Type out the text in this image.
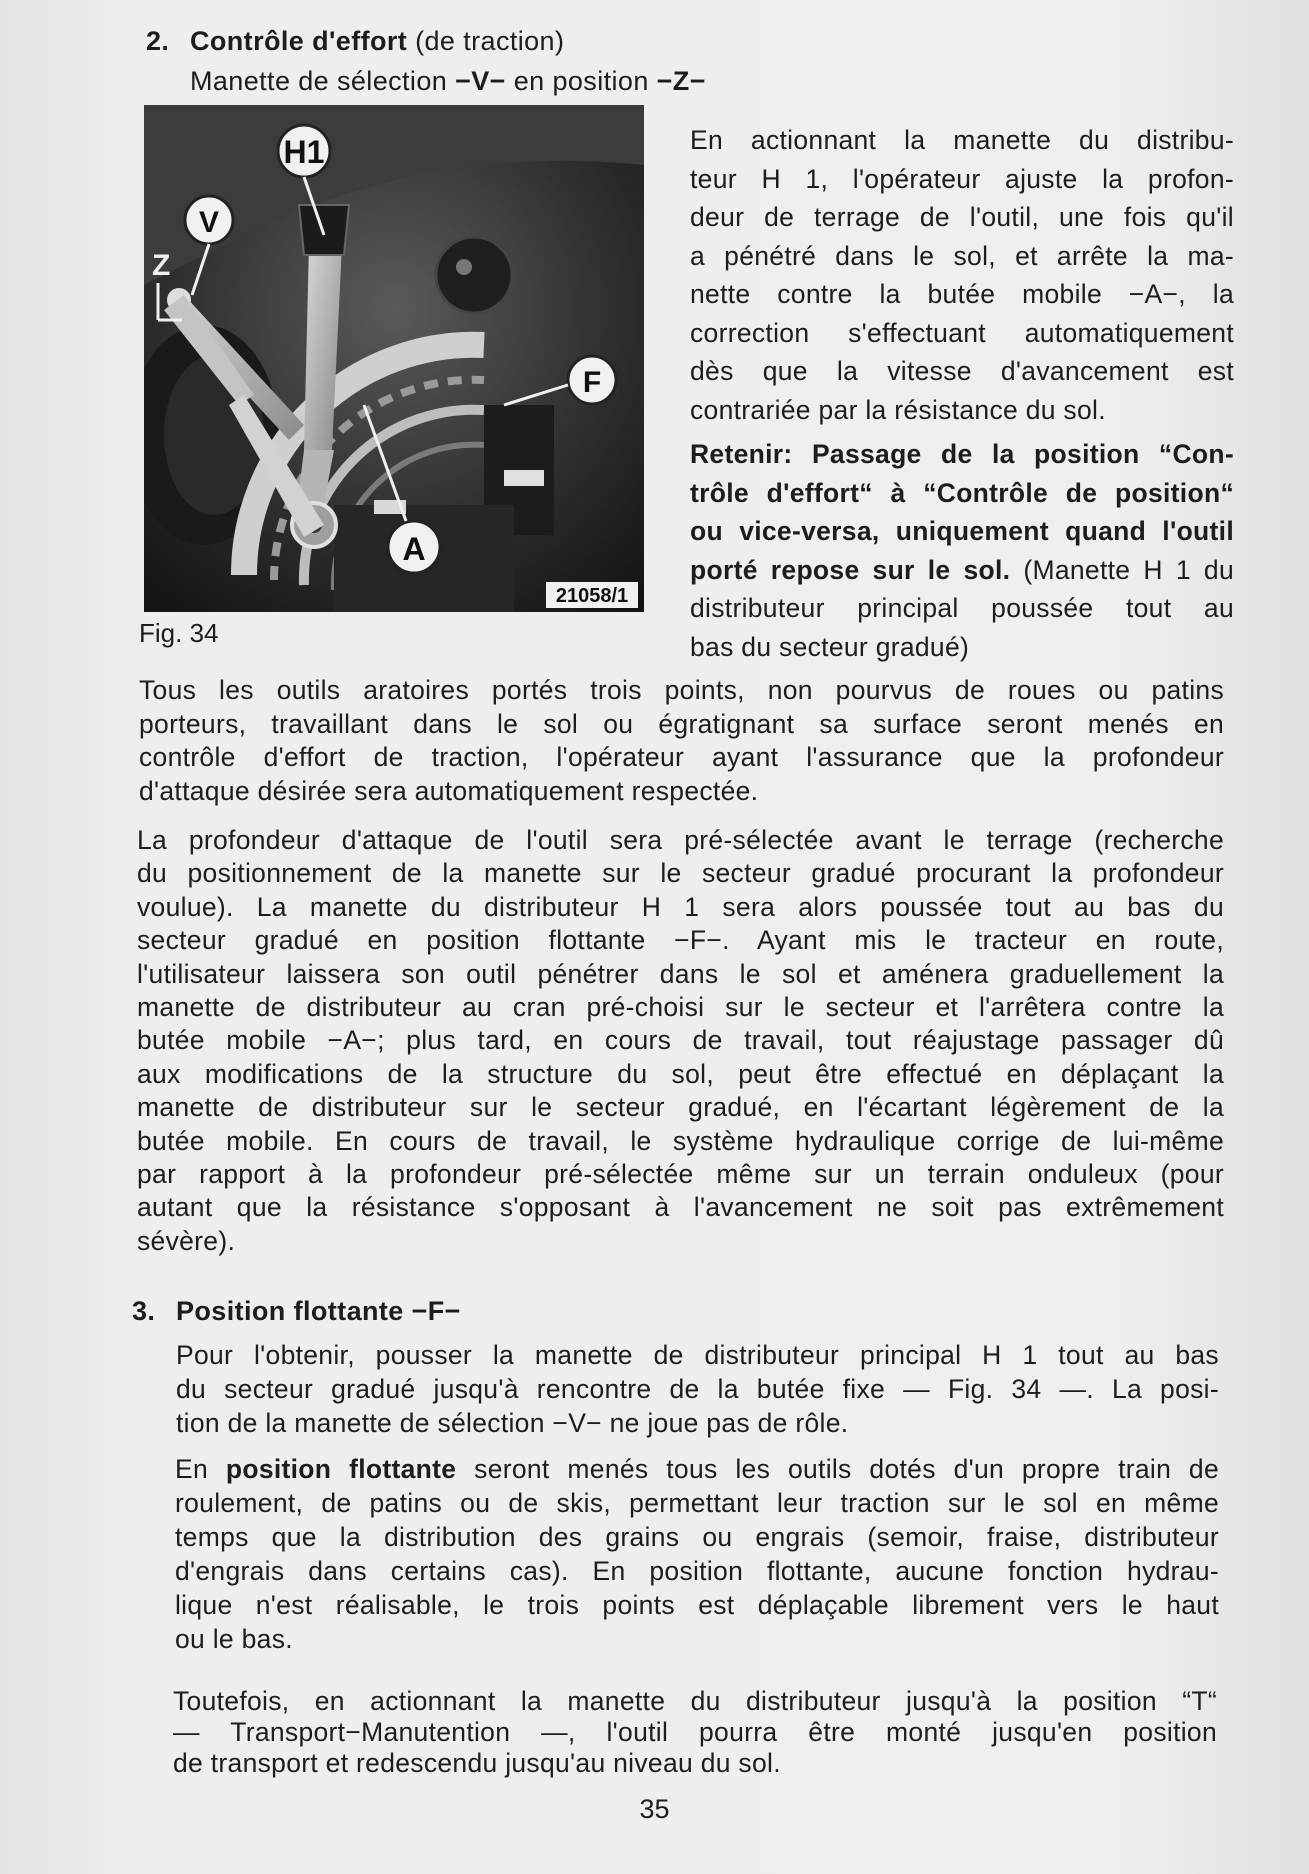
2. Contrôle d'effort (de traction)
Manette de sélection −V− en position −Z−
H1
V
Z
F
A
21058/1
Fig. 34
En actionnant la manette du distribu-
teur H 1, l'opérateur ajuste la profon-
deur de terrage de l'outil, une fois qu'il
a pénétré dans le sol, et arrête la ma-
nette contre la butée mobile −A−, la
correction s'effectuant automatiquement
dès que la vitesse d'avancement est
contrariée par la résistance du sol.
Retenir: Passage de la position “Con-
trôle d'effort“ à “Contrôle de position“
ou vice-versa, uniquement quand l'outil
porté repose sur le sol. (Manette H 1 du
distributeur principal poussée tout au
bas du secteur gradué)
Tous les outils aratoires portés trois points, non pourvus de roues ou patins
porteurs, travaillant dans le sol ou égratignant sa surface seront menés en
contrôle d'effort de traction, l'opérateur ayant l'assurance que la profondeur
d'attaque désirée sera automatiquement respectée.
La profondeur d'attaque de l'outil sera pré-sélectée avant le terrage (recherche
du positionnement de la manette sur le secteur gradué procurant la profondeur
voulue). La manette du distributeur H 1 sera alors poussée tout au bas du
secteur gradué en position flottante −F−. Ayant mis le tracteur en route,
l'utilisateur laissera son outil pénétrer dans le sol et aménera graduellement la
manette de distributeur au cran pré-choisi sur le secteur et l'arrêtera contre la
butée mobile −A−; plus tard, en cours de travail, tout réajustage passager dû
aux modifications de la structure du sol, peut être effectué en déplaçant la
manette de distributeur sur le secteur gradué, en l'écartant légèrement de la
butée mobile. En cours de travail, le système hydraulique corrige de lui-même
par rapport à la profondeur pré-sélectée même sur un terrain onduleux (pour
autant que la résistance s'opposant à l'avancement ne soit pas extrêmement
sévère).
3. Position flottante −F−
Pour l'obtenir, pousser la manette de distributeur principal H 1 tout au bas
du secteur gradué jusqu'à rencontre de la butée fixe — Fig. 34 —. La posi-
tion de la manette de sélection −V− ne joue pas de rôle.
En position flottante seront menés tous les outils dotés d'un propre train de
roulement, de patins ou de skis, permettant leur traction sur le sol en même
temps que la distribution des grains ou engrais (semoir, fraise, distributeur
d'engrais dans certains cas). En position flottante, aucune fonction hydrau-
lique n'est réalisable, le trois points est déplaçable librement vers le haut
ou le bas.
Toutefois, en actionnant la manette du distributeur jusqu'à la position “T“
— Transport−Manutention —, l'outil pourra être monté jusqu'en position
de transport et redescendu jusqu'au niveau du sol.
35
